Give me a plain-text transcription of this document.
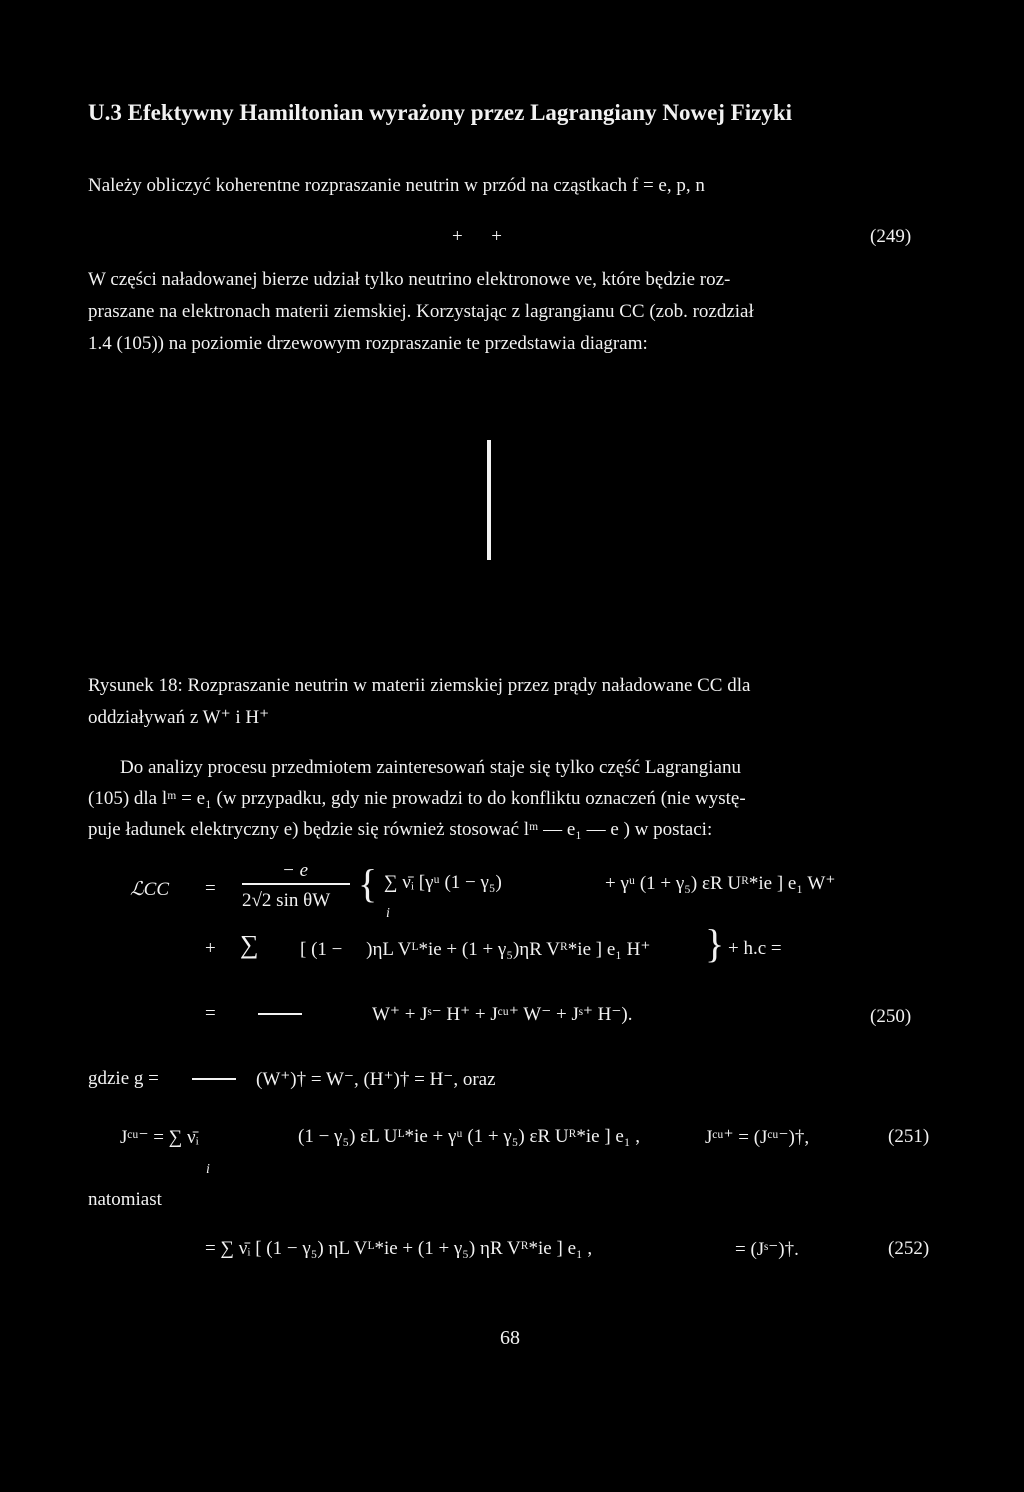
U.3 Efektywny Hamiltonian wyrażony przez Lagrangiany Nowej Fizyki
Należy obliczyć koherentne rozpraszanie neutrin w przód na cząstkach f = e, p, n
+      +	(249)
W części naładowanej bierze udział tylko neutrino elektronowe νe, które będzie roz-
praszane na elektronach materii ziemskiej. Korzystając z lagrangianu CC (zob. rozdział
1.4 (105)) na poziomie drzewowym rozpraszanie te przedstawia diagram:
Rysunek 18: Rozpraszanie neutrin w materii ziemskiej przez prądy naładowane CC dla
oddziaływań z W⁺ i H⁺
Do analizy procesu przedmiotem zainteresowań staje się tylko część Lagrangianu
(105) dla lᵐ = e₁ (w przypadku, gdy nie prowadzi to do konfliktu oznaczeń (nie wystę-
puje ładunek elektryczny e) będzie się również stosować lᵐ — e₁ — e ) w postaci:
ℒCC =
− e
2√2 sin θW { ∑ ν̄ᵢ [γᵘ (1 − γ₅)
i
+ γᵘ (1 + γ₅) εR Uᴿ*ie ] e₁ W⁺
+ ∑ [ (1 −     )ηL Vᴸ*ie + (1 + γ₅)ηR Vᴿ*ie ] e₁ H⁺ } + h.c =
=	W⁺ + Jˢ⁻ H⁺ + Jᶜᵘ⁺ W⁻ + Jˢ⁺ H⁻).	(250)
gdzie g =	(W⁺)† = W⁻, (H⁺)† = H⁻, oraz
Jᶜᵘ⁻ = ∑ ν̄ᵢ
i
(1 − γ₅) εL Uᴸ*ie + γᵘ (1 + γ₅) εR Uᴿ*ie ] e₁ ,	Jᶜᵘ⁺ = (Jᶜᵘ⁻)†,	(251)
natomiast
= ∑ ν̄ᵢ [ (1 − γ₅) ηL Vᴸ*ie + (1 + γ₅) ηR Vᴿ*ie ] e₁ ,	= (Jˢ⁻)†.	(252)
68
